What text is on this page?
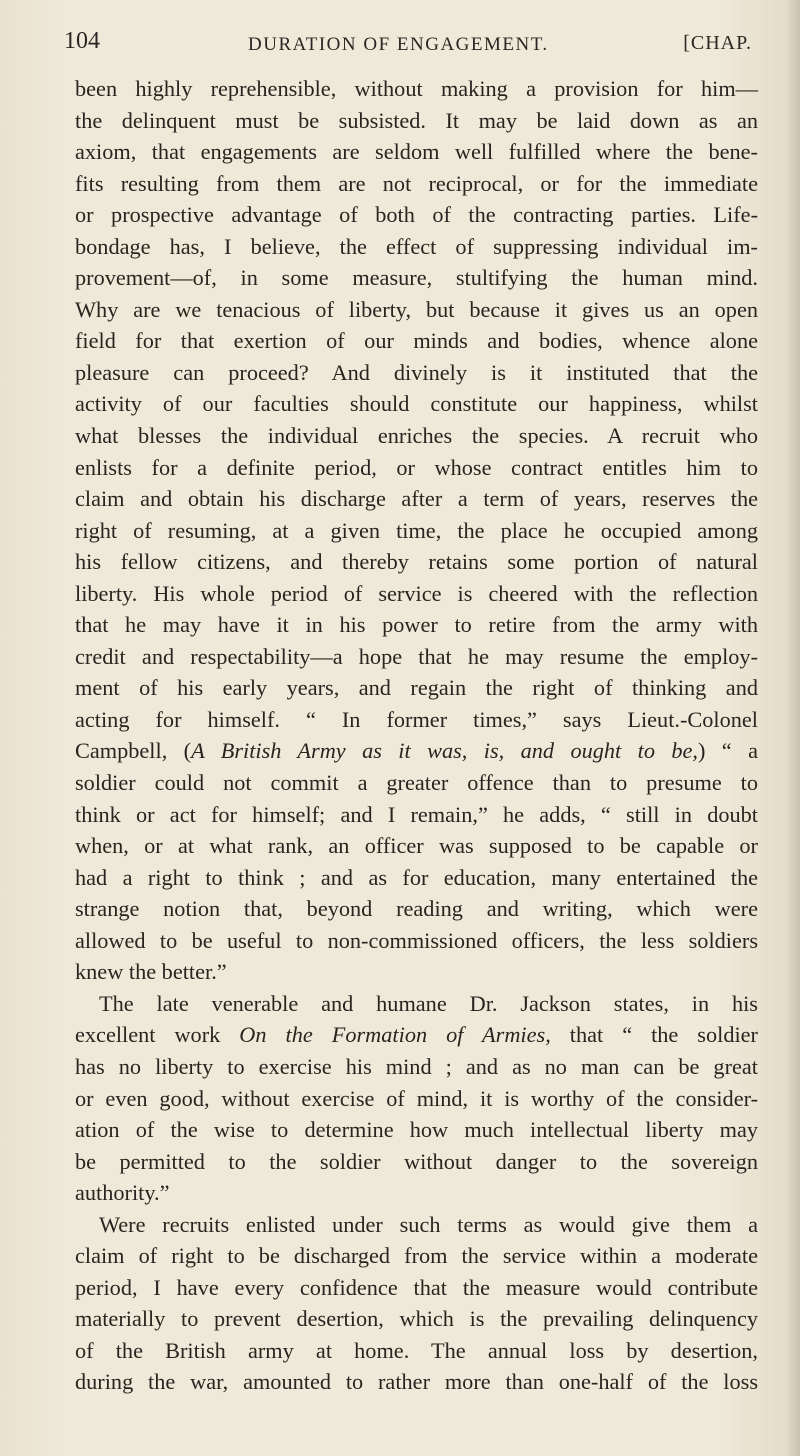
104	DURATION OF ENGAGEMENT.	[CHAP.
been highly reprehensible, without making a provision for him—
the delinquent must be subsisted. It may be laid down as an
axiom, that engagements are seldom well fulfilled where the bene-
fits resulting from them are not reciprocal, or for the immediate
or prospective advantage of both of the contracting parties. Life-
bondage has, I believe, the effect of suppressing individual im-
provement—of, in some measure, stultifying the human mind.
Why are we tenacious of liberty, but because it gives us an open
field for that exertion of our minds and bodies, whence alone
pleasure can proceed? And divinely is it instituted that the
activity of our faculties should constitute our happiness, whilst
what blesses the individual enriches the species. A recruit who
enlists for a definite period, or whose contract entitles him to
claim and obtain his discharge after a term of years, reserves the
right of resuming, at a given time, the place he occupied among
his fellow citizens, and thereby retains some portion of natural
liberty. His whole period of service is cheered with the reflection
that he may have it in his power to retire from the army with
credit and respectability—a hope that he may resume the employ-
ment of his early years, and regain the right of thinking and
acting for himself. “ In former times,” says Lieut.-Colonel
Campbell, (A British Army as it was, is, and ought to be,) “ a
soldier could not commit a greater offence than to presume to
think or act for himself; and I remain,” he adds, “ still in doubt
when, or at what rank, an officer was supposed to be capable or
had a right to think ; and as for education, many entertained the
strange notion that, beyond reading and writing, which were
allowed to be useful to non-commissioned officers, the less soldiers
knew the better.”
The late venerable and humane Dr. Jackson states, in his
excellent work On the Formation of Armies, that “ the soldier
has no liberty to exercise his mind ; and as no man can be great
or even good, without exercise of mind, it is worthy of the consider-
ation of the wise to determine how much intellectual liberty may
be permitted to the soldier without danger to the sovereign
authority.”
Were recruits enlisted under such terms as would give them a
claim of right to be discharged from the service within a moderate
period, I have every confidence that the measure would contribute
materially to prevent desertion, which is the prevailing delinquency
of the British army at home. The annual loss by desertion,
during the war, amounted to rather more than one-half of the loss
